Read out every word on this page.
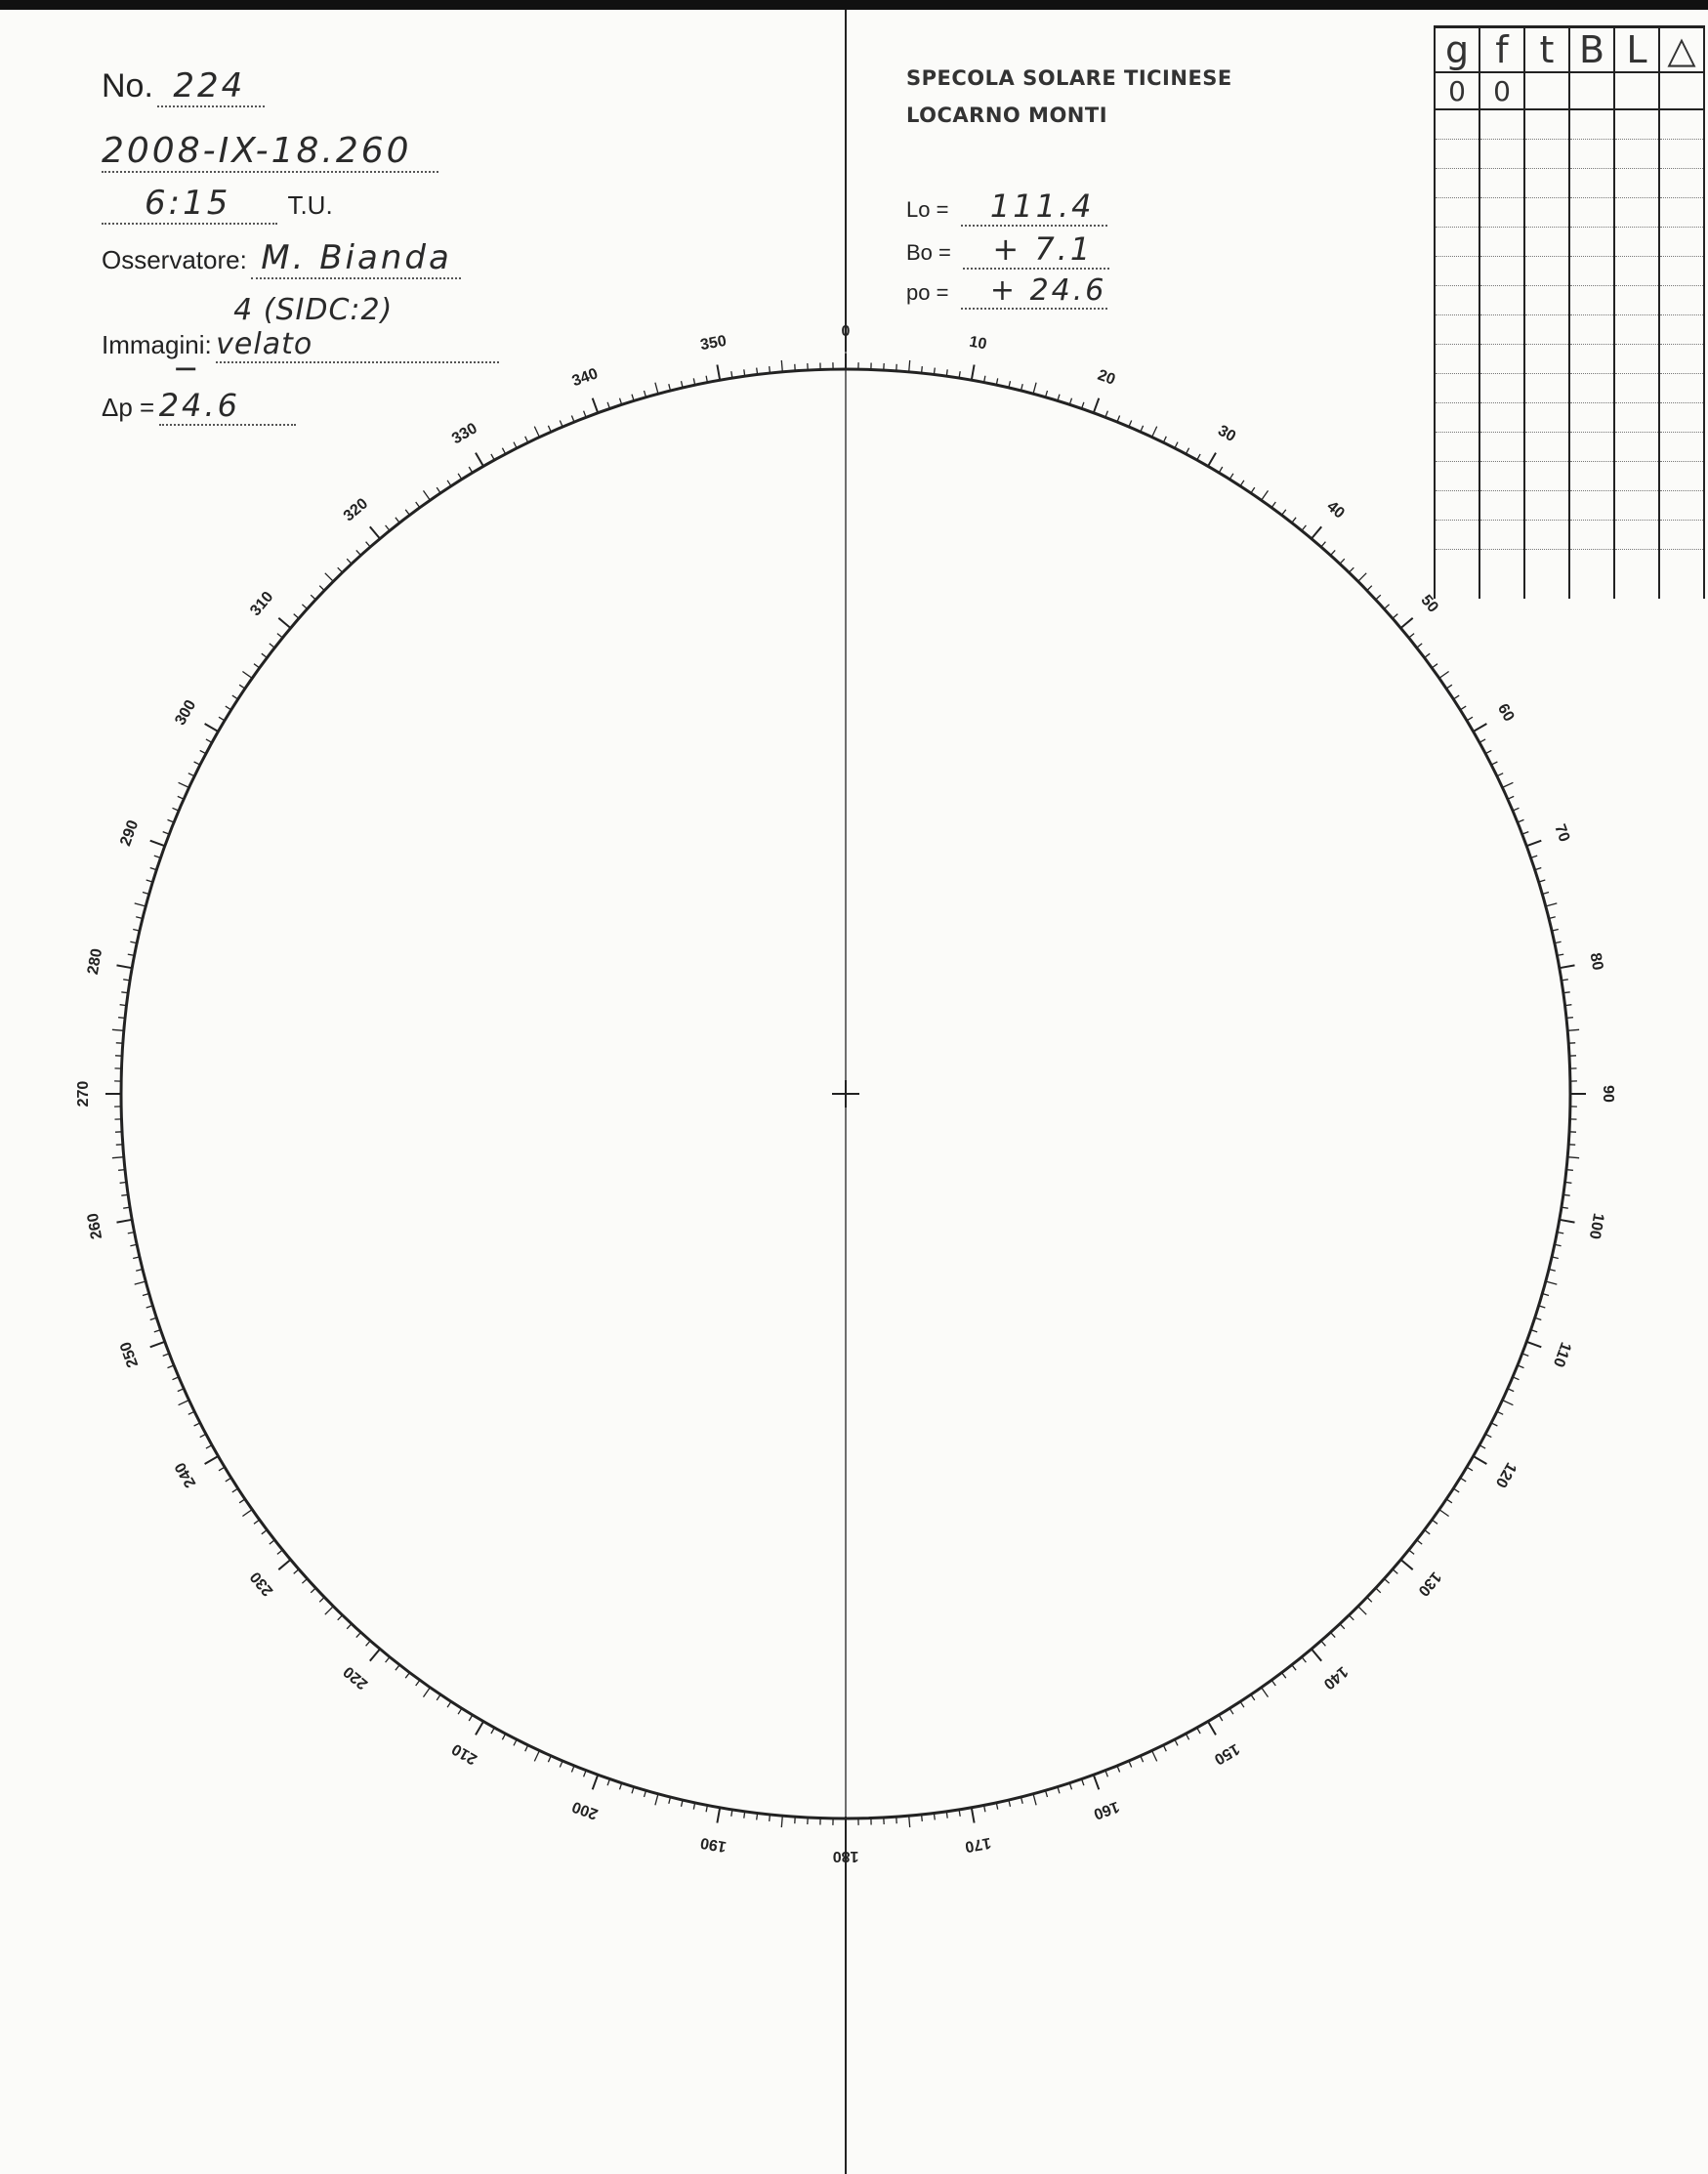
No. 224
2008-IX-18.260
6:15 T.U.
Osservatore: M. Bianda
Immagini: 4 (SIDC:2) velato
Δp = − 24.6
SPECOLA SOLARE TICINESE
LOCARNO MONTI
Lo = 111.4
Bo = + 7.1
po = + 24.6
g	f	t	B	L	△
0	0				

0
10
20
30
40
50
60
70
80
90
100
110
120
130
140
150
160
170
180
190
200
210
220
230
240
250
260
270
280
290
300
310
320
330
340
350
